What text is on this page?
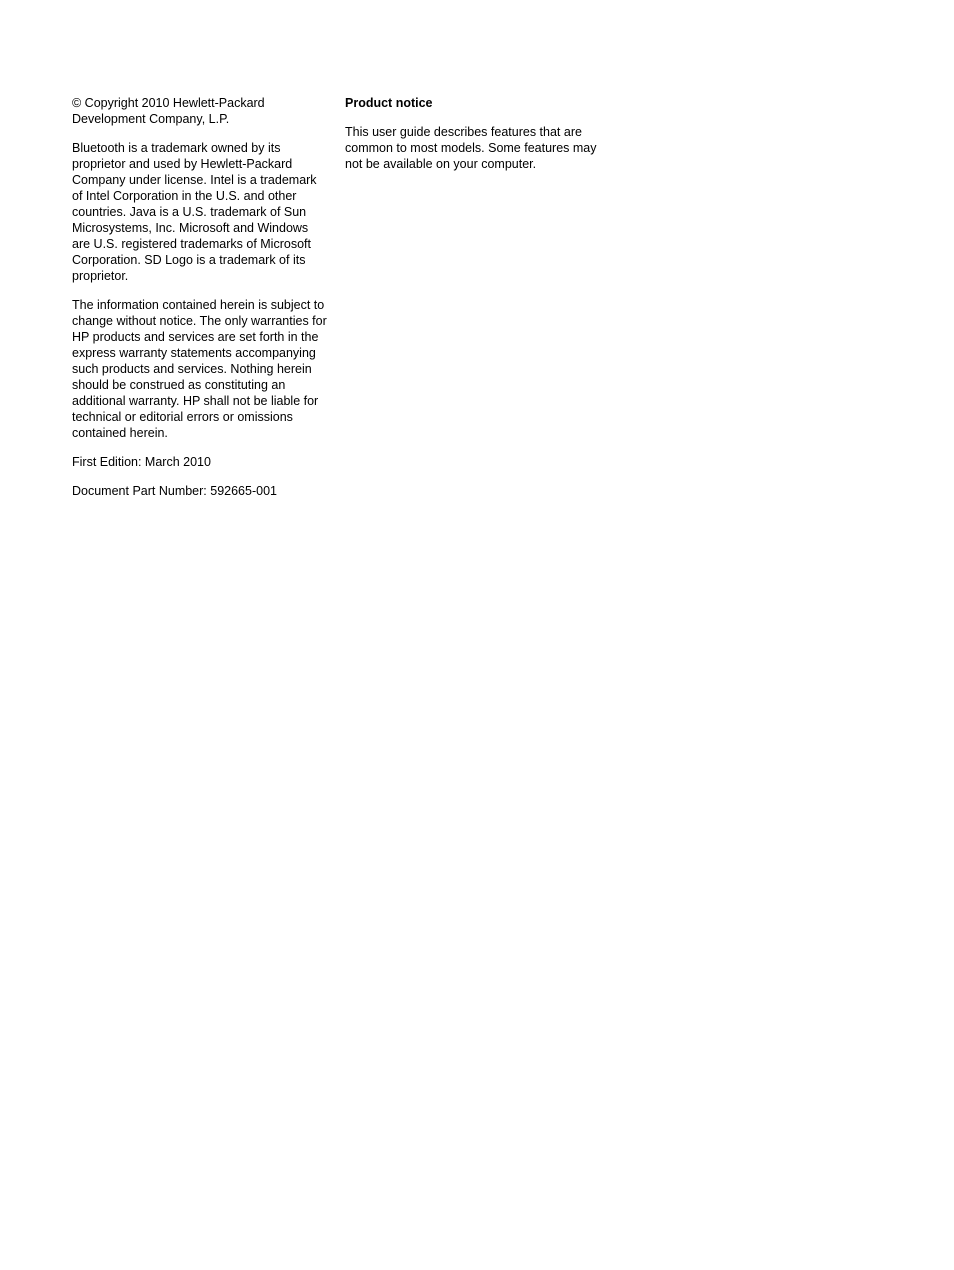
© Copyright 2010 Hewlett-Packard Development Company, L.P.

Bluetooth is a trademark owned by its proprietor and used by Hewlett-Packard Company under license. Intel is a trademark of Intel Corporation in the U.S. and other countries. Java is a U.S. trademark of Sun Microsystems, Inc. Microsoft and Windows are U.S. registered trademarks of Microsoft Corporation. SD Logo is a trademark of its proprietor.

The information contained herein is subject to change without notice. The only warranties for HP products and services are set forth in the express warranty statements accompanying such products and services. Nothing herein should be construed as constituting an additional warranty. HP shall not be liable for technical or editorial errors or omissions contained herein.

First Edition: March 2010

Document Part Number: 592665-001

Product notice

This user guide describes features that are common to most models. Some features may not be available on your computer.
